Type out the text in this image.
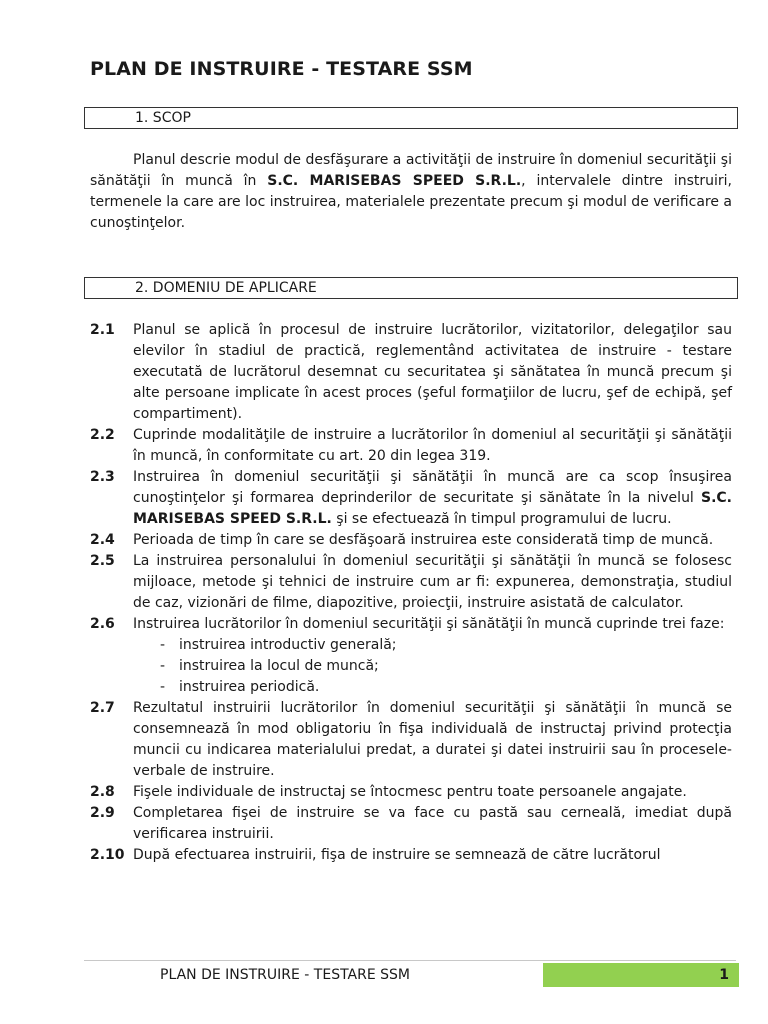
PLAN DE INSTRUIRE - TESTARE SSM
1. SCOP

Planul descrie modul de desfăşurare a activităţii de instruire în domeniul securităţii şi sănătăţii în muncă în S.C. MARISEBAS SPEED S.R.L., intervalele dintre instruiri, termenele la care are loc instruirea, materialele prezentate precum şi modul de verificare a cunoştinţelor.

2. DOMENIU DE APLICARE
2.1	Planul se aplică în procesul de instruire lucrătorilor, vizitatorilor, delegaţilor sau elevilor în stadiul de practică, reglementând activitatea de instruire - testare executată de lucrătorul desemnat cu securitatea şi sănătatea în muncă precum şi alte persoane implicate în acest proces (şeful formaţiilor de lucru, şef de echipă, şef compartiment).
2.2	Cuprinde modalităţile de instruire a lucrătorilor în domeniul al securităţii şi sănătăţii în muncă, în conformitate cu art. 20 din legea 319.
2.3	Instruirea în domeniul securităţii şi sănătăţii în muncă are ca scop însuşirea cunoştinţelor şi formarea deprinderilor de securitate şi sănătate în la nivelul S.C. MARISEBAS SPEED S.R.L. şi se efectuează în timpul programului de lucru.
2.4	Perioada de timp în care se desfăşoară instruirea este considerată timp de muncă.
2.5	La instruirea personalului în domeniul securităţii şi sănătăţii în muncă se folosesc mijloace, metode şi tehnici de instruire cum ar fi: expunerea, demonstraţia, studiul de caz, vizionări de filme, diapozitive, proiecţii, instruire asistată de calculator.
2.6	Instruirea lucrătorilor în domeniul securităţii şi sănătăţii în muncă cuprinde trei faze:
- instruirea introductiv generală;
- instruirea la locul de muncă;
- instruirea periodică.
2.7	Rezultatul instruirii lucrătorilor în domeniul securităţii şi sănătăţii în muncă se consemnează în mod obligatoriu în fişa individuală de instructaj privind protecţia muncii cu indicarea materialului predat, a duratei şi datei instruirii sau în procesele-verbale de instruire.
2.8	Fişele individuale de instructaj se întocmesc pentru toate persoanele angajate.
2.9	Completarea fişei de instruire se va face cu pastă sau cerneală, imediat după verificarea instruirii.
2.10 După efectuarea instruirii, fişa de instruire se semnează de către lucrătorul
PLAN DE INSTRUIRE - TESTARE SSM	1
